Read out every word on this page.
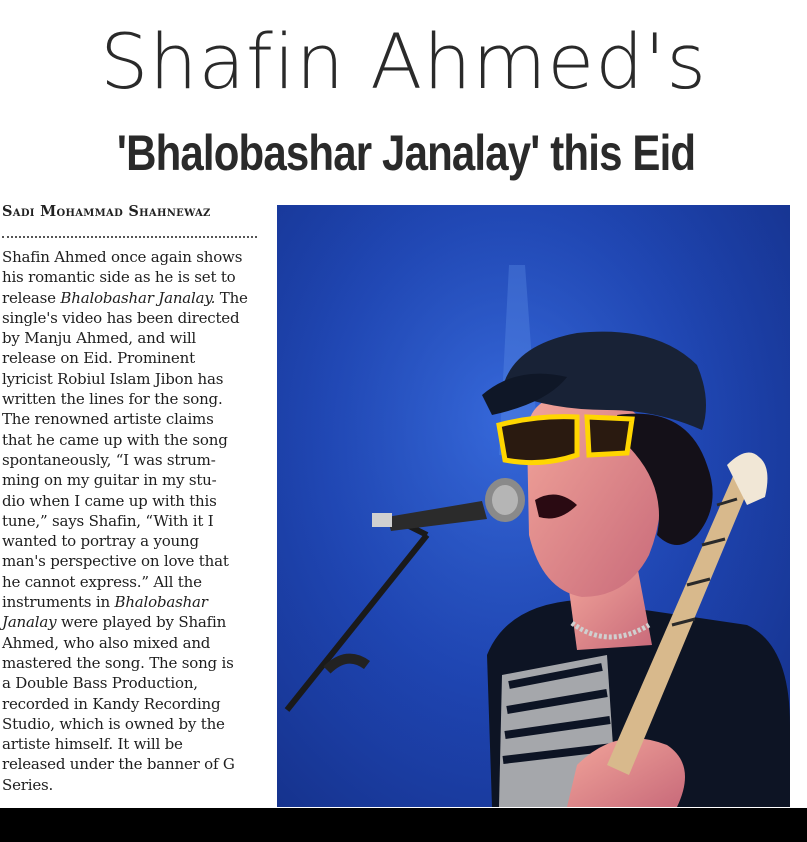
Shafin Ahmed's
'Bhalobashar Janalay' this Eid
Sadi Mohammad Shahnewaz
Shafin Ahmed once again shows
his romantic side as he is set to
release Bhalobashar Janalay. The
single's video has been directed
by Manju Ahmed, and will
release on Eid. Prominent
lyricist Robiul Islam Jibon has
written the lines for the song.
The renowned artiste claims
that he came up with the song
spontaneously, “I was strum-
ming on my guitar in my stu-
dio when I came up with this
tune,” says Shafin, “With it I
wanted to portray a young
man's perspective on love that
he cannot express.” All the
instruments in Bhalobashar
Janalay were played by Shafin
Ahmed, who also mixed and
mastered the song. The song is
a Double Bass Production,
recorded in Kandy Recording
Studio, which is owned by the
artiste himself. It will be
released under the banner of G
Series.
